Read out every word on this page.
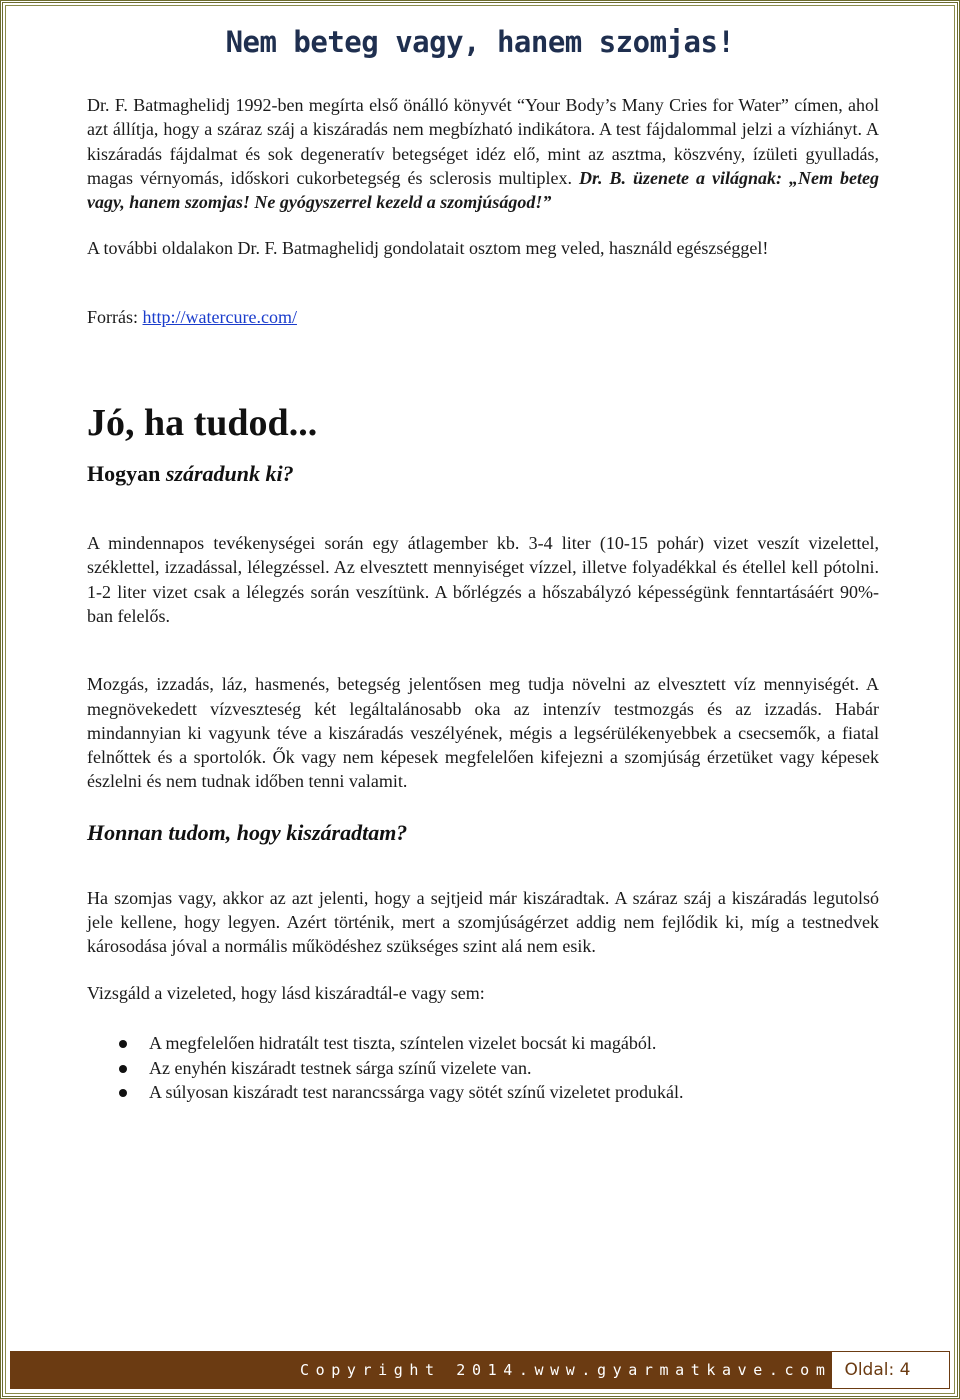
Nem beteg vagy, hanem szomjas!

Dr. F. Batmaghelidj 1992-ben megírta első önálló könyvét “Your Body’s Many Cries for Water” címen, ahol azt állítja, hogy a száraz száj a kiszáradás nem megbízható indikátora. A test fájdalommal jelzi a vízhiányt. A kiszáradás fájdalmat és sok degeneratív betegséget idéz elő, mint az asztma, köszvény, ízületi gyulladás, magas vérnyomás, időskori cukorbetegség és sclerosis multiplex. Dr. B. üzenete a világnak: „Nem beteg vagy, hanem szomjas! Ne gyógyszerrel kezeld a szomjúságod!”

A további oldalakon Dr. F. Batmaghelidj gondolatait osztom meg veled, használd egészséggel!

Forrás: http://watercure.com/

Jó, ha tudod...
Hogyan száradunk ki?

A mindennapos tevékenységei során egy átlagember kb. 3-4 liter (10-15 pohár) vizet veszít vizelettel, széklettel, izzadással, lélegzéssel. Az elvesztett mennyiséget vízzel, illetve folyadékkal és étellel kell pótolni. 1-2 liter vizet csak a lélegzés során veszítünk. A bőrlégzés a hőszabályzó képességünk fenntartásáért 90%- ban felelős.

Mozgás, izzadás, láz, hasmenés, betegség jelentősen meg tudja növelni az elvesztett víz mennyiségét. A megnövekedett vízveszteség két legáltalánosabb oka az intenzív testmozgás és az izzadás. Habár mindannyian ki vagyunk téve a kiszáradás veszélyének, mégis a legsérülékenyebbek a csecsemők, a fiatal felnőttek és a sportolók. Ők vagy nem képesek megfelelően kifejezni a szomjúság érzetüket vagy képesek észlelni és nem tudnak időben tenni valamit.

Honnan tudom, hogy kiszáradtam?

Ha szomjas vagy, akkor az azt jelenti, hogy a sejtjeid már kiszáradtak. A száraz száj a kiszáradás legutolsó jele kellene, hogy legyen. Azért történik, mert a szomjúságérzet addig nem fejlődik ki, míg a testnedvek károsodása jóval a normális működéshez szükséges szint alá nem esik.

Vizsgáld a vizeleted, hogy lásd kiszáradtál-e vagy sem:

A megfelelően hidratált test tiszta, színtelen vizelet bocsát ki magából.
Az enyhén kiszáradt testnek sárga színű vizelete van.
A súlyosan kiszáradt test narancssárga vagy sötét színű vizeletet produkál.
Copyright 2014.www.gyarmatkave.com Oldal: 4
